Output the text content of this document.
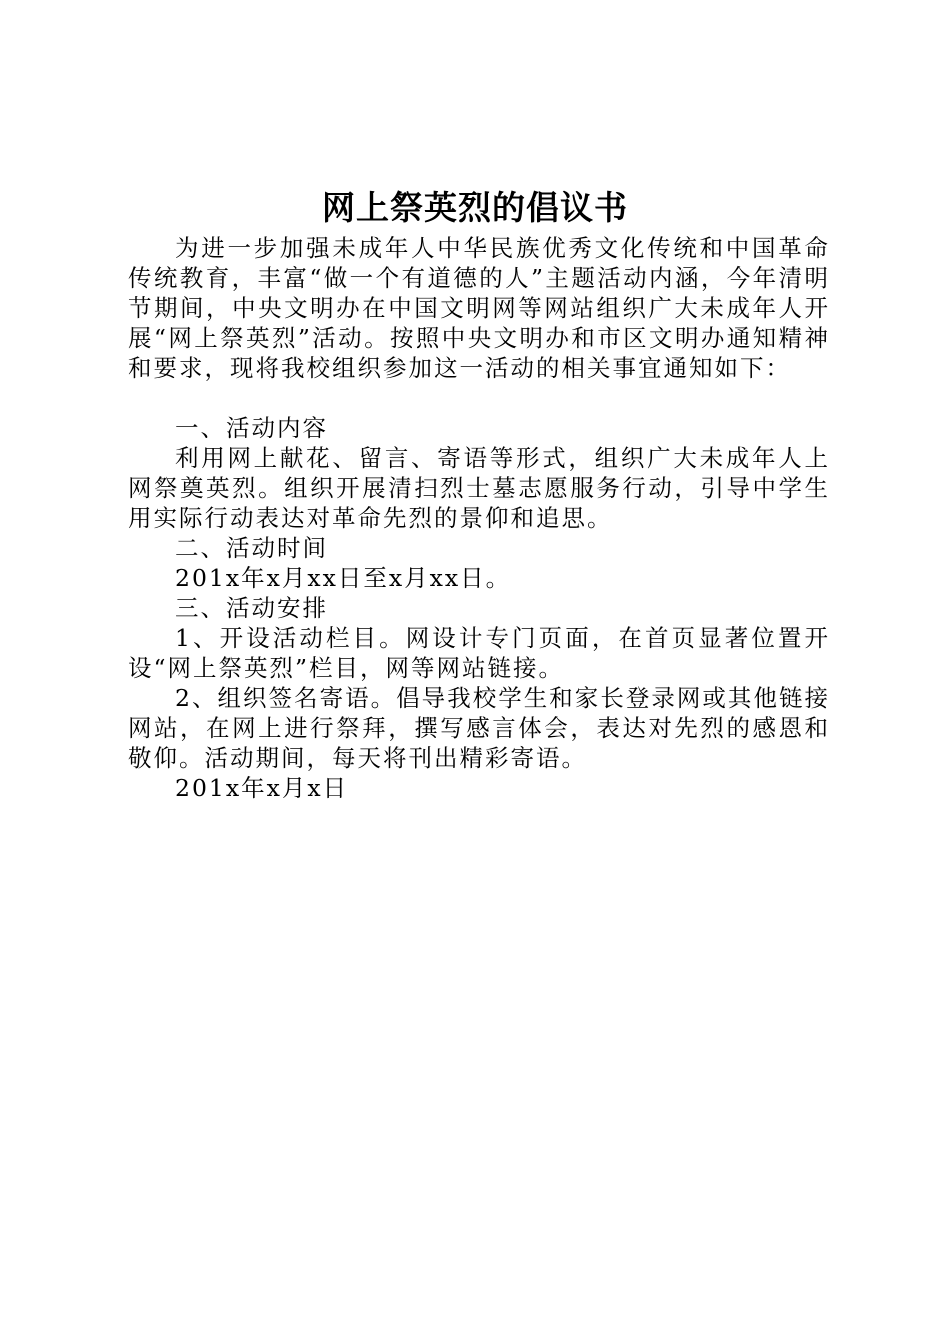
网上祭英烈的倡议书

为进一步加强未成年人中华民族优秀文化传统和中国革命传统教育，丰富“做一个有道德的人”主题活动内涵，今年清明节期间，中央文明办在中国文明网等网站组织广大未成年人开展“网上祭英烈”活动。按照中央文明办和市区文明办通知精神和要求，现将我校组织参加这一活动的相关事宜通知如下：

一、活动内容

利用网上献花、留言、寄语等形式，组织广大未成年人上网祭奠英烈。组织开展清扫烈士墓志愿服务行动，引导中学生用实际行动表达对革命先烈的景仰和追思。

二、活动时间

201x年x月xx日至x月xx日。

三、活动安排

1、开设活动栏目。网设计专门页面，在首页显著位置开设“网上祭英烈”栏目，网等网站链接。

2、组织签名寄语。倡导我校学生和家长登录网或其他链接网站，在网上进行祭拜，撰写感言体会，表达对先烈的感恩和敬仰。活动期间，每天将刊出精彩寄语。

201x年x月x日
